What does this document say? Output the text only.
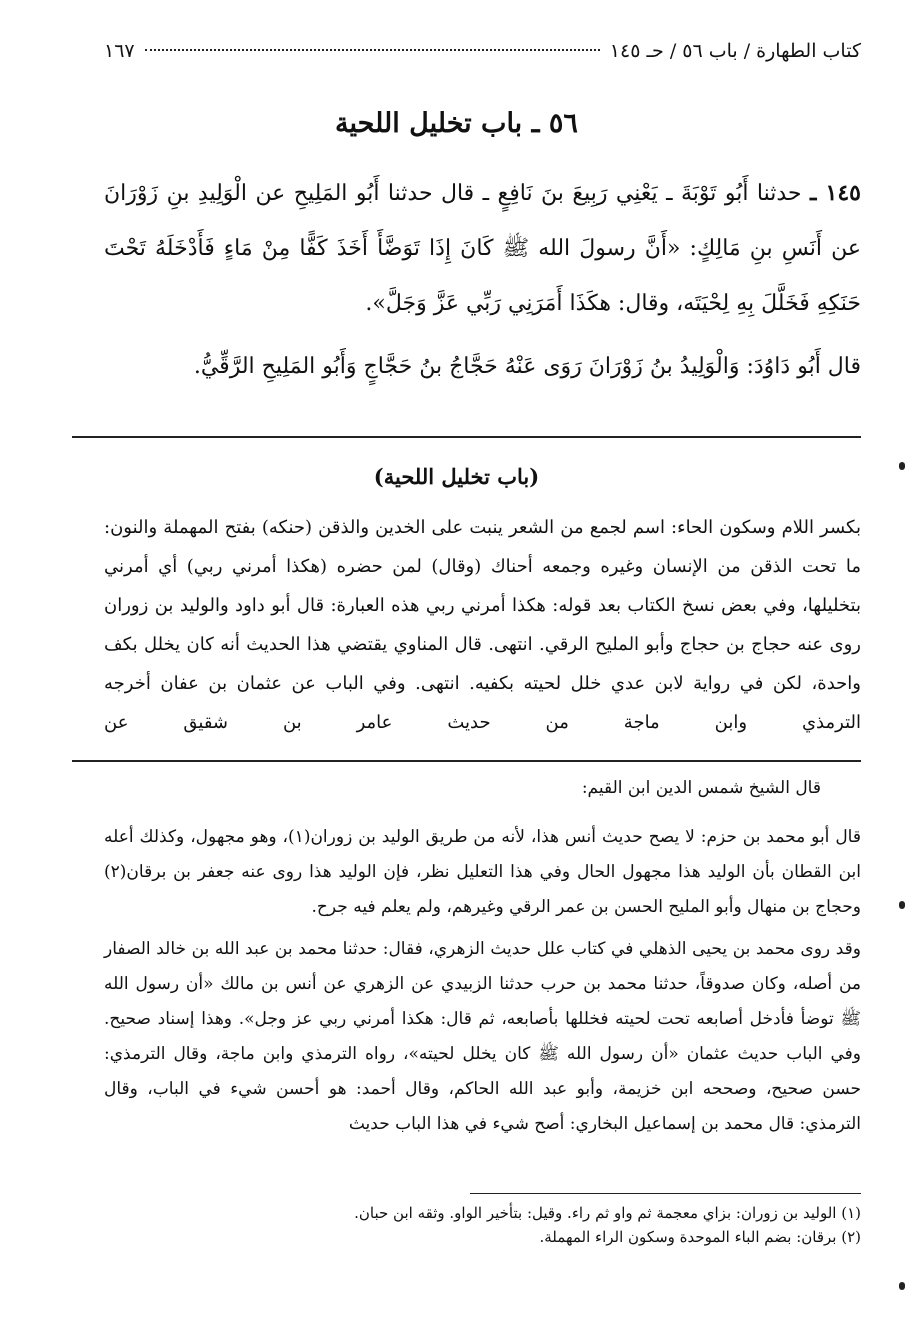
كتاب الطهارة / باب ٥٦ / حـ ١٤٥
١٦٧
٥٦ ـ باب تخليل اللحية

١٤٥ ـ حدثنا أَبُو تَوْبَةَ ـ يَعْنِي رَبِيعَ بنَ نَافِعٍ ـ قال حدثنا أَبُو المَلِيحِ عن الْوَلِيدِ بنِ زَوْرَانَ عن أَنَسِ بنِ مَالِكٍ: «أَنَّ رسولَ الله ﷺ كَانَ إِذَا تَوَضَّأَ أَخَذَ كَفًّا مِنْ مَاءٍ فَأَدْخَلَهُ تَحْتَ حَنَكِهِ فَخَلَّلَ بِهِ لِحْيَتَه، وقال: هكَذَا أَمَرَنِي رَبِّي عَزَّ وَجَلَّ».

قال أَبُو دَاوُدَ: وَالْوَلِيدُ بنُ زَوْرَانَ رَوَى عَنْهُ حَجَّاجُ بنُ حَجَّاجٍ وَأَبُو المَلِيحِ الرَّقِّيُّ.

(باب تخليل اللحية)

بكسر اللام وسكون الحاء: اسم لجمع من الشعر ينبت على الخدين والذقن (حنكه) بفتح المهملة والنون: ما تحت الذقن من الإنسان وغيره وجمعه أحناك (وقال) لمن حضره (هكذا أمرني ربي) أي أمرني بتخليلها، وفي بعض نسخ الكتاب بعد قوله: هكذا أمرني ربي هذه العبارة: قال أبو داود والوليد بن زوران روى عنه حجاج بن حجاج وأبو المليح الرقي. انتهى. قال المناوي يقتضي هذا الحديث أنه كان يخلل بكف واحدة، لكن في رواية لابن عدي خلل لحيته بكفيه. انتهى. وفي الباب عن عثمان بن عفان أخرجه الترمذي وابن ماجة من حديث عامر بن شقيق عن

قال الشيخ شمس الدين ابن القيم:

قال أبو محمد بن حزم: لا يصح حديث أنس هذا، لأنه من طريق الوليد بن زوران(١)، وهو مجهول، وكذلك أعله ابن القطان بأن الوليد هذا مجهول الحال وفي هذا التعليل نظر، فإن الوليد هذا روى عنه جعفر بن برقان(٢) وحجاج بن منهال وأبو المليح الحسن بن عمر الرقي وغيرهم، ولم يعلم فيه جرح.

وقد روى محمد بن يحيى الذهلي في كتاب علل حديث الزهري، فقال: حدثنا محمد بن عبد الله بن خالد الصفار من أصله، وكان صدوقاً، حدثنا محمد بن حرب حدثنا الزبيدي عن الزهري عن أنس بن مالك «أن رسول الله ﷺ توضأ فأدخل أصابعه تحت لحيته فخللها بأصابعه، ثم قال: هكذا أمرني ربي عز وجل». وهذا إسناد صحيح. وفي الباب حديث عثمان «أن رسول الله ﷺ كان يخلل لحيته»، رواه الترمذي وابن ماجة، وقال الترمذي: حسن صحيح، وصححه ابن خزيمة، وأبو عبد الله الحاكم، وقال أحمد: هو أحسن شيء في الباب، وقال الترمذي: قال محمد بن إسماعيل البخاري: أصح شيء في هذا الباب حديث

(١) الوليد بن زوران: بزاي معجمة ثم واو ثم راء. وقيل: بتأخير الواو. وثقه ابن حبان.
(٢) برقان: بضم الباء الموحدة وسكون الراء المهملة.
